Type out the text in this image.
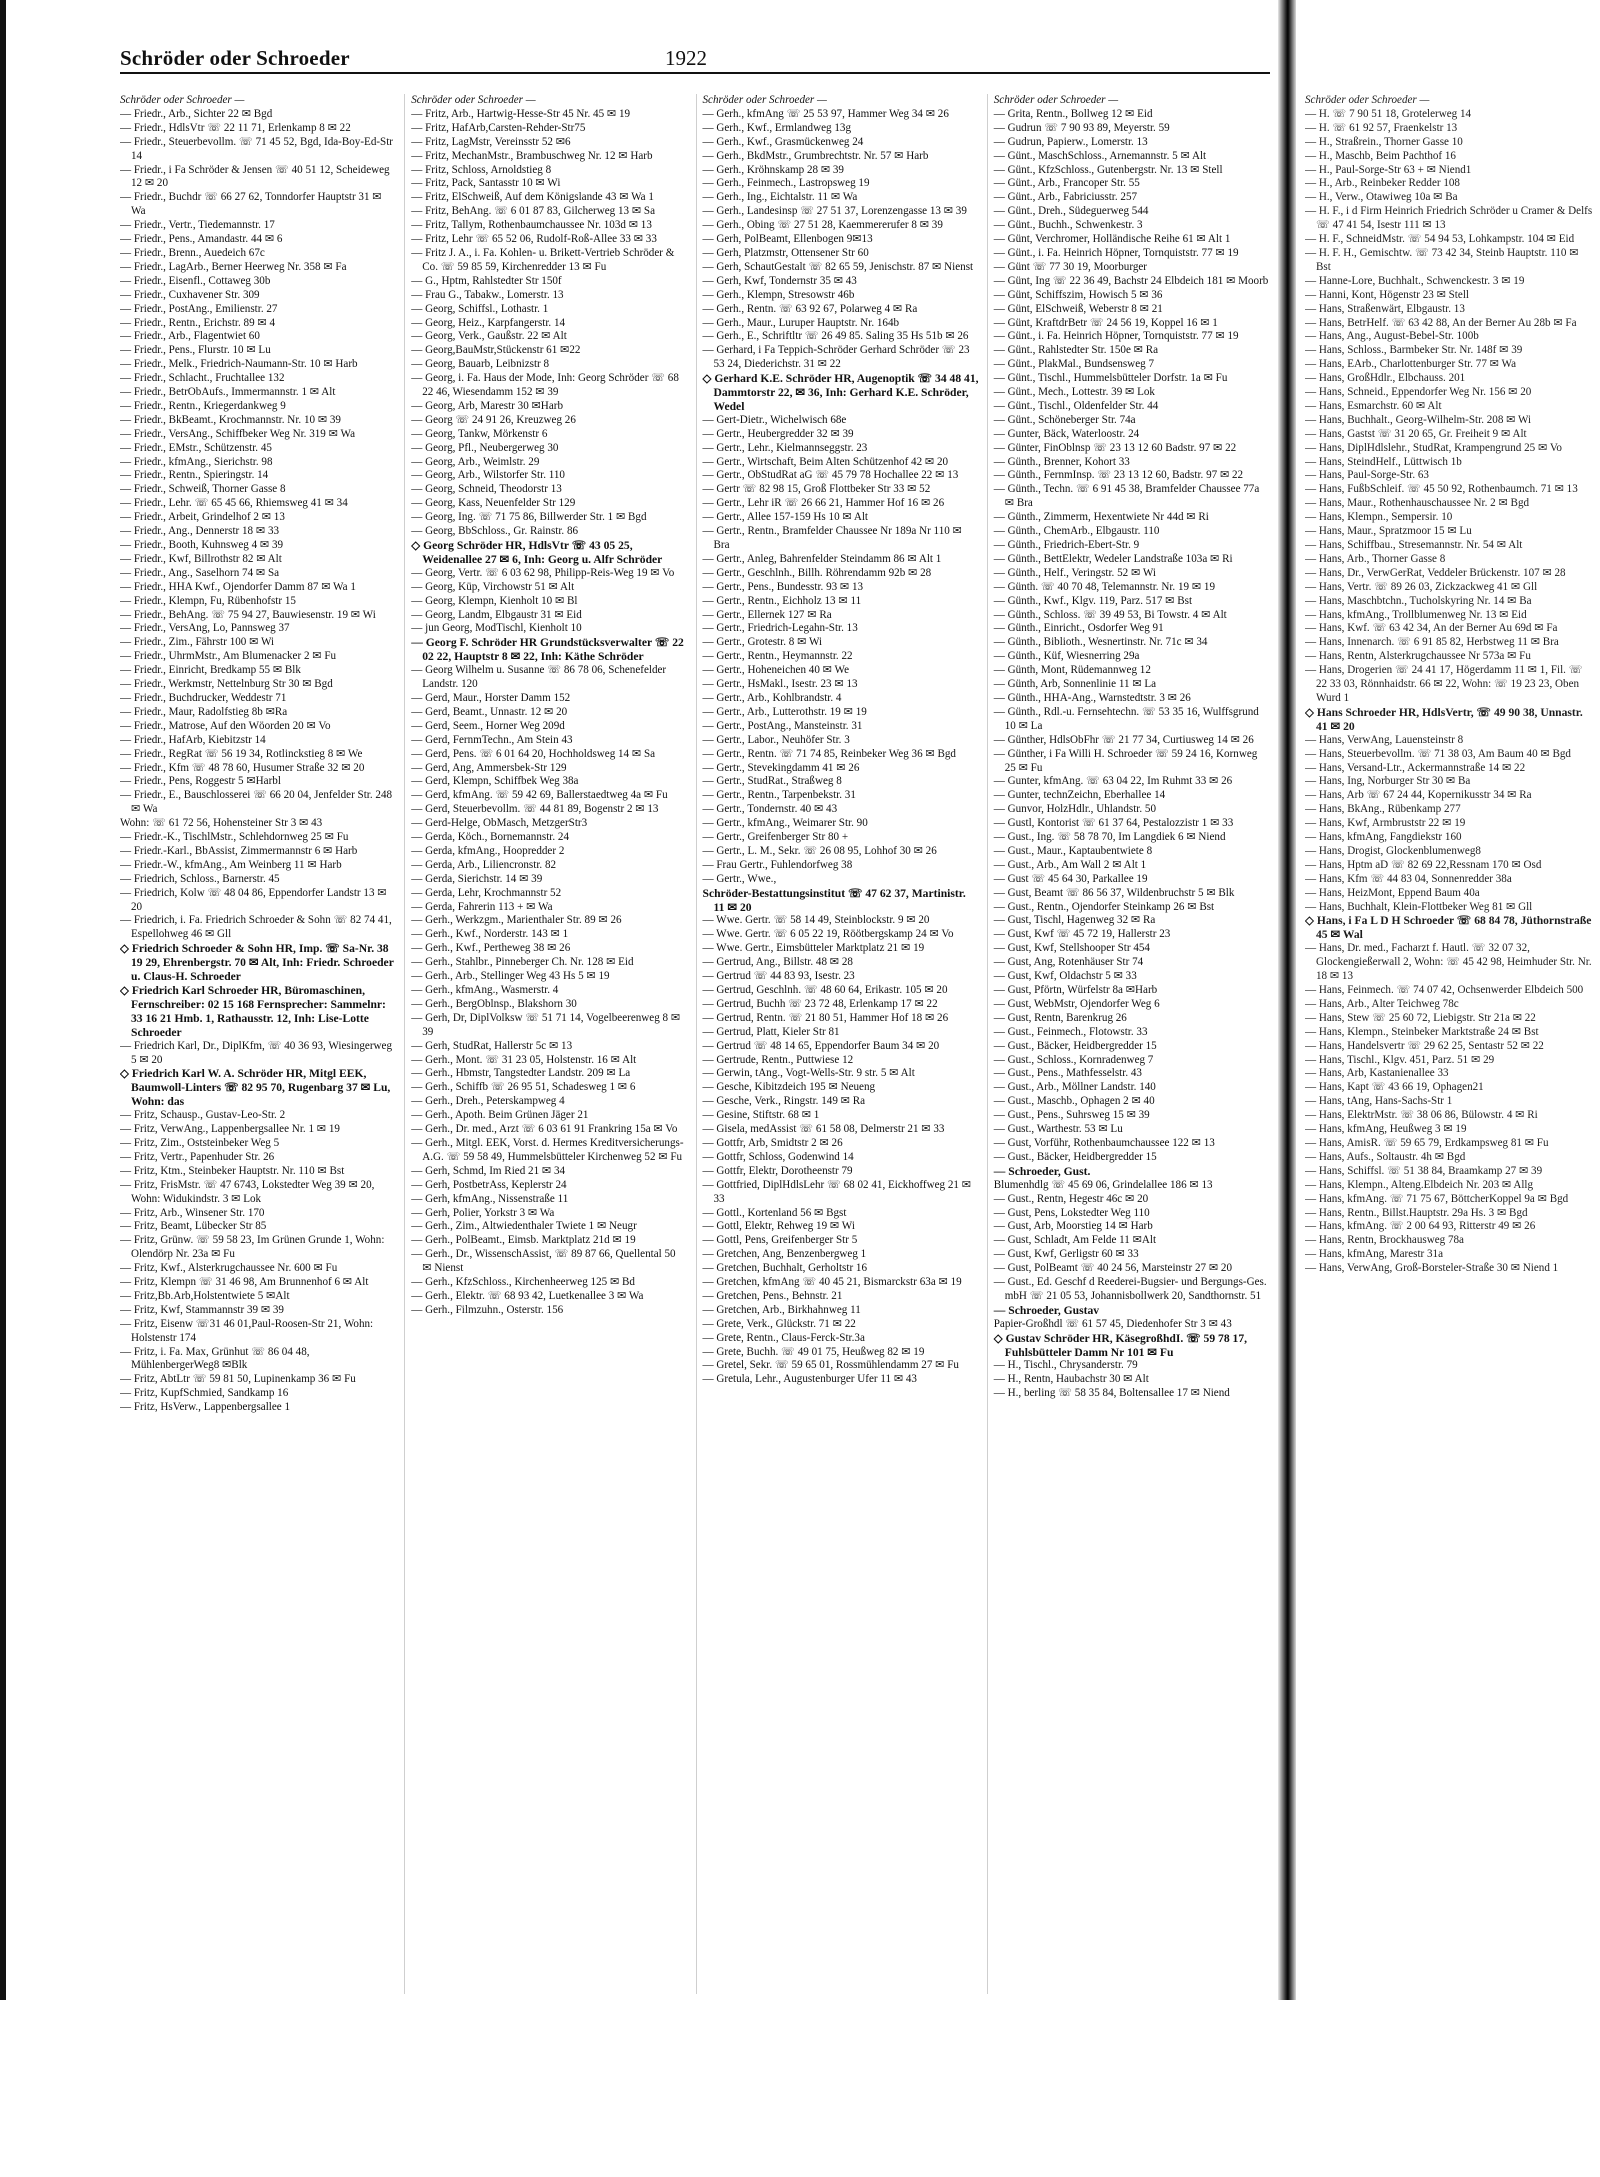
Schröder oder Schroeder	1922
Schröder oder Schroeder —
— Friedr., Arb., Sichter 22 ✉ Bgd
— Friedr., HdlsVtr ☏ 22 11 71, Erlenkamp 8 ✉ 22
— Friedr., Steuerbevollm. ☏ 71 45 52, Bgd, Ida-Boy-Ed-Str 14
— Friedr., i Fa Schröder & Jensen ☏ 40 51 12, Scheideweg 12 ✉ 20
— Friedr., Buchdr ☏ 66 27 62, Tonndorfer Hauptstr 31 ✉ Wa
— Friedr., Vertr., Tiedemannstr. 17
— Friedr., Pens., Amandastr. 44 ✉ 6
— Friedr., Brenn., Auedeich 67c
— Friedr., LagArb., Berner Heerweg Nr. 358 ✉ Fa
— Friedr., Eisenfl., Cottaweg 30b
— Friedr., Cuxhavener Str. 309
— Friedr., PostAng., Emilienstr. 27
— Friedr., Rentn., Erichstr. 89 ✉ 4
— Friedr., Arb., Flagentwiet 60
— Friedr., Pens., Flurstr. 10 ✉ Lu
— Friedr., Melk., Friedrich-Naumann-Str. 10 ✉ Harb
— Friedr., Schlacht., Fruchtallee 132
— Friedr., BetrObAufs., Immermannstr. 1 ✉ Alt
— Friedr., Rentn., Kriegerdankweg 9
— Friedr., BkBeamt., Krochmannstr. Nr. 10 ✉ 39
— Friedr., VersAng., Schiffbeker Weg Nr. 319 ✉ Wa
— Friedr., EMstr., Schützenstr. 45
— Friedr., kfmAng., Sierichstr. 98
— Friedr., Rentn., Spieringstr. 14
— Friedr., Schweiß, Thorner Gasse 8
— Friedr., Lehr. ☏ 65 45 66, Rhiemsweg 41 ✉ 34
— Friedr., Arbeit, Grindelhof 2 ✉ 13
— Friedr., Ang., Dennerstr 18 ✉ 33
— Friedr., Booth, Kuhnsweg 4 ✉ 39
— Friedr., Kwf, Billrothstr 82 ✉ Alt
— Friedr., Ang., Saselhorn 74 ✉ Sa
— Friedr., HHA Kwf., Ojendorfer Damm 87 ✉ Wa 1
— Friedr., Klempn, Fu, Rübenhofstr 15
— Friedr., BehAng. ☏ 75 94 27, Bauwiesenstr. 19 ✉ Wi
— Friedr., VersAng, Lo, Pannsweg 37
— Friedr., Zim., Fährstr 100 ✉ Wi
— Friedr., UhrmMstr., Am Blumenacker 2 ✉ Fu
— Friedr., Einricht, Bredkamp 55 ✉ Blk
— Friedr., Werkmstr, Nettelnburg Str 30 ✉ Bgd
— Friedr., Buchdrucker, Weddestr 71
— Friedr., Maur, Radolfstieg 8b ✉Ra
— Friedr., Matrose, Auf den Wöorden 20 ✉ Vo
— Friedr., HafArb, Kiebitzstr 14
— Friedr., RegRat ☏ 56 19 34, Rotlinckstieg 8 ✉ We
— Friedr., Kfm ☏ 48 78 60, Husumer Straße 32 ✉ 20
— Friedr., Pens, Roggestr 5 ✉Harbl
— Friedr., E., Bauschlosserei ☏ 66 20 04, Jenfelder Str. 248 ✉ Wa
Wohn: ☏ 61 72 56, Hohensteiner Str 3 ✉ 43
— Friedr.-K., TischlMstr., Schlehdornweg 25 ✉ Fu
— Friedr.-Karl., BbAssist, Zimmermannstr 6 ✉ Harb
— Friedr.-W., kfmAng., Am Weinberg 11 ✉ Harb
— Friedrich, Schloss., Barnerstr. 45
— Friedrich, Kolw ☏ 48 04 86, Eppendorfer Landstr 13 ✉ 20
— Friedrich, i. Fa. Friedrich Schroeder & Sohn ☏ 82 74 41, Espellohweg 46 ✉ Gll
◇ Friedrich Schroeder & Sohn HR, Imp. ☏ Sa-Nr. 38 19 29, Ehrenbergstr. 70 ✉ Alt, Inh: Friedr. Schroeder u. Claus-H. Schroeder
◇ Friedrich Karl Schroeder HR, Büromaschinen, Fernschreiber: 02 15 168 Fernsprecher: Sammelnr: 33 16 21 Hmb. 1, Rathausstr. 12, Inh: Lise-Lotte Schroeder
— Friedrich Karl, Dr., DiplKfm, ☏ 40 36 93, Wiesingerweg 5 ✉ 20
◇ Friedrich Karl W. A. Schröder HR, Mitgl EEK, Baumwoll-Linters ☏ 82 95 70, Rugenbarg 37 ✉ Lu, Wohn: das
— Fritz, Schausp., Gustav-Leo-Str. 2
— Fritz, VerwAng., Lappenbergsallee Nr. 1 ✉ 19
— Fritz, Zim., Oststeinbeker Weg 5
— Fritz, Vertr., Papenhuder Str. 26
— Fritz, Ktm., Steinbeker Hauptstr. Nr. 110 ✉ Bst
— Fritz, FrisMstr. ☏ 47 6743, Lokstedter Weg 39 ✉ 20, Wohn: Widukindstr. 3 ✉ Lok
— Fritz, Arb., Winsener Str. 170
— Fritz, Beamt, Lübecker Str 85
— Fritz, Grünw. ☏ 59 58 23, Im Grünen Grunde 1, Wohn: Olendörp Nr. 23a ✉ Fu
— Fritz, Kwf., Alsterkrugchaussee Nr. 600 ✉ Fu
— Fritz, Klempn ☏ 31 46 98, Am Brunnenhof 6 ✉ Alt
— Fritz,Bb.Arb,Holstentwiete 5 ✉Alt
— Fritz, Kwf, Stammannstr 39 ✉ 39
— Fritz, Eisenw ☏31 46 01,Paul-Roosen-Str 21, Wohn: Holstenstr 174
— Fritz, i. Fa. Max, Grünhut ☏ 86 04 48, MühlenbergerWeg8 ✉Blk
— Fritz, AbtLtr ☏ 59 81 50, Lupinenkamp 36 ✉ Fu
— Fritz, KupfSchmied, Sandkamp 16
— Fritz, HsVerw., Lappenbergsallee 1
Schröder oder Schroeder —
— Fritz, Arb., Hartwig-Hesse-Str 45 Nr. 45 ✉ 19
— Fritz, HafArb,Carsten-Rehder-Str75
— Fritz, LagMstr, Vereinsstr 52 ✉6
— Fritz, MechanMstr., Brambuschweg Nr. 12 ✉ Harb
— Fritz, Schloss, Arnoldstieg 8
— Fritz, Pack, Santasstr 10 ✉ Wi
— Fritz, ElSchweiß, Auf dem Königslande 43 ✉ Wa 1
— Fritz, BehAng. ☏ 6 01 87 83, Gilcherweg 13 ✉ Sa
— Fritz, Tallym, Rothenbaumchaussee Nr. 103d ✉ 13
— Fritz, Lehr ☏ 65 52 06, Rudolf-Roß-Allee 33 ✉ 33
— Fritz J. A., i. Fa. Kohlen- u. Brikett-Vertrieb Schröder & Co. ☏ 59 85 59, Kirchenredder 13 ✉ Fu
— G., Hptm, Rahlstedter Str 150f
— Frau G., Tabakw., Lomerstr. 13
— Georg, Schiffsl., Lothastr. 1
— Georg, Heiz., Karpfangerstr. 14
— Georg, Verk., Gaußstr. 22 ✉ Alt
— Georg,BauMstr,Stückenstr 61 ✉22
— Georg, Bauarb, Leibnizstr 8
— Georg, i. Fa. Haus der Mode, Inh: Georg Schröder ☏ 68 22 46, Wiesendamm 152 ✉ 39
— Georg, Arb, Marestr 30 ✉Harb
— Georg ☏ 24 91 26, Kreuzweg 26
— Georg, Tankw, Mörkenstr 6
— Georg, Pfl., Neubergerweg 30
— Georg, Arb., Weimlstr. 29
— Georg, Arb., Wilstorfer Str. 110
— Georg, Schneid, Theodorstr 13
— Georg, Kass, Neuenfelder Str 129
— Georg, Ing. ☏ 71 75 86, Billwerder Str. 1 ✉ Bgd
— Georg, BbSchloss., Gr. Rainstr. 86
◇ Georg Schröder HR, HdlsVtr ☏ 43 05 25, Weidenallee 27 ✉ 6, Inh: Georg u. Alfr Schröder
— Georg, Vertr. ☏ 6 03 62 98, Philipp-Reis-Weg 19 ✉ Vo
— Georg, Küp, Virchowstr 51 ✉ Alt
— Georg, Klempn, Kienholt 10 ✉ Bl
— Georg, Landm, Elbgaustr 31 ✉ Eid
— jun Georg, ModTischl, Kienholt 10
— Georg F. Schröder HR Grundstücksverwalter ☏ 22 02 22, Hauptstr 8 ✉ 22, Inh: Käthe Schröder
— Georg Wilhelm u. Susanne ☏ 86 78 06, Schenefelder Landstr. 120
— Gerd, Maur., Horster Damm 152
— Gerd, Beamt., Unnastr. 12 ✉ 20
— Gerd, Seem., Horner Weg 209d
— Gerd, FernmTechn., Am Stein 43
— Gerd, Pens. ☏ 6 01 64 20, Hochholdsweg 14 ✉ Sa
— Gerd, Ang, Ammersbek-Str 129
— Gerd, Klempn, Schiffbek Weg 38a
— Gerd, kfmAng. ☏ 59 42 69, Ballerstaedtweg 4a ✉ Fu
— Gerd, Steuerbevollm. ☏ 44 81 89, Bogenstr 2 ✉ 13
— Gerd-Helge, ObMasch, MetzgerStr3
— Gerda, Köch., Bornemannstr. 24
— Gerda, kfmAng., Hoopredder 2
— Gerda, Arb., Liliencronstr. 82
— Gerda, Sierichstr. 14 ✉ 39
— Gerda, Lehr, Krochmannstr 52
— Gerda, Fahrerin 113 + ✉ Wa
— Gerh., Werkzgm., Marienthaler Str. 89 ✉ 26
— Gerh., Kwf., Norderstr. 143 ✉ 1
— Gerh., Kwf., Pertheweg 38 ✉ 26
— Gerh., Stahlbr., Pinneberger Ch. Nr. 128 ✉ Eid
— Gerh., Arb., Stellinger Weg 43 Hs 5 ✉ 19
— Gerh., kfmAng., Wasmerstr. 4
— Gerh., BergOblnsp., Blakshorn 30
— Gerh, Dr, DiplVolksw ☏ 51 71 14, Vogelbeerenweg 8 ✉ 39
— Gerh, StudRat, Hallerstr 5c ✉ 13
— Gerh., Mont. ☏ 31 23 05, Holstenstr. 16 ✉ Alt
— Gerh., Hbmstr, Tangstedter Landstr. 209 ✉ La
— Gerh., Schiffb ☏ 26 95 51, Schadesweg 1 ✉ 6
— Gerh., Dreh., Peterskampweg 4
— Gerh., Apoth. Beim Grünen Jäger 21
— Gerh., Dr. med., Arzt ☏ 6 03 61 91 Frankring 15a ✉ Vo
— Gerh., Mitgl. EEK, Vorst. d. Hermes Kreditversicherungs-A.G. ☏ 59 58 49, Hummelsbütteler Kirchenweg 52 ✉ Fu
— Gerh, Schmd, Im Ried 21 ✉ 34
— Gerh, PostbetrAss, Keplerstr 24
— Gerh, kfmAng., Nissenstraße 11
— Gerh, Polier, Yorkstr 3 ✉ Wa
— Gerh., Zim., Altwiedenthaler Twiete 1 ✉ Neugr
— Gerh., PolBeamt., Eimsb. Marktplatz 21d ✉ 19
— Gerh., Dr., WissenschAssist, ☏ 89 87 66, Quellental 50 ✉ Nienst
— Gerh., KfzSchloss., Kirchenheerweg 125 ✉ Bd
— Gerh., Elektr. ☏ 68 93 42, Luetkenallee 3 ✉ Wa
— Gerh., Filmzuhn., Osterstr. 156
Schröder oder Schroeder —
— Gerh., kfmAng ☏ 25 53 97, Hammer Weg 34 ✉ 26
— Gerh., Kwf., Ermlandweg 13g
— Gerh., Kwf., Grasmückenweg 24
— Gerh., BkdMstr., Grumbrechtstr. Nr. 57 ✉ Harb
— Gerh., Kröhnskamp 28 ✉ 39
— Gerh., Feinmech., Lastropsweg 19
— Gerh., Ing., Eichtalstr. 11 ✉ Wa
— Gerh., Landesinsp ☏ 27 51 37, Lorenzengasse 13 ✉ 39
— Gerh., Obing ☏ 27 51 28, Kaemmererufer 8 ✉ 39
— Gerh, PolBeamt, Ellenbogen 9✉13
— Gerh, Platzmstr, Ottensener Str 60
— Gerh, SchautGestalt ☏ 82 65 59, Jenischstr. 87 ✉ Nienst
— Gerh, Kwf, Tondernstr 35 ✉ 43
— Gerh., Klempn, Stresowstr 46b
— Gerh., Rentn. ☏ 63 92 67, Polarweg 4 ✉ Ra
— Gerh., Maur., Luruper Hauptstr. Nr. 164b
— Gerh., E., Schriftltr ☏ 26 49 85. Saling 35 Hs 51b ✉ 26
— Gerhard, i Fa Teppich-Schröder Gerhard Schröder ☏ 23 53 24, Diederichstr. 31 ✉ 22
◇ Gerhard K.E. Schröder HR, Augenoptik ☏ 34 48 41, Dammtorstr 22, ✉ 36, Inh: Gerhard K.E. Schröder, Wedel
— Gert-Dietr., Wichelwisch 68e
— Gertr., Heubergredder 32 ✉ 39
— Gertr., Lehr., Kielmannseggstr. 23
— Gertr., Wirtschaft, Beim Alten Schützenhof 42 ✉ 20
— Gertr., ObStudRat aG ☏ 45 79 78 Hochallee 22 ✉ 13
— Gertr ☏ 82 98 15, Groß Flottbeker Str 33 ✉ 52
— Gertr., Lehr iR ☏ 26 66 21, Hammer Hof 16 ✉ 26
— Gertr., Allee 157-159 Hs 10 ✉ Alt
— Gertr., Rentn., Bramfelder Chaussee Nr 189a Nr 110 ✉ Bra
— Gertr., Anleg, Bahrenfelder Steindamm 86 ✉ Alt 1
— Gertr., Geschlnh., Billh. Röhrendamm 92b ✉ 28
— Gertr., Pens., Bundesstr. 93 ✉ 13
— Gertr., Rentn., Eichholz 13 ✉ 11
— Gertr., Ellernek 127 ✉ Ra
— Gertr., Friedrich-Legahn-Str. 13
— Gertr., Grotestr. 8 ✉ Wi
— Gertr., Rentn., Heymannstr. 22
— Gertr., Hoheneichen 40 ✉ We
— Gertr., HsMakl., Isestr. 23 ✉ 13
— Gertr., Arb., Kohlbrandstr. 4
— Gertr., Arb., Lutterothstr. 19 ✉ 19
— Gertr., PostAng., Mansteinstr. 31
— Gertr., Labor., Neuhöfer Str. 3
— Gertr., Rentn. ☏ 71 74 85, Reinbeker Weg 36 ✉ Bgd
— Gertr., Stevekingdamm 41 ✉ 26
— Gertr., StudRat., Straßweg 8
— Gertr., Rentn., Tarpenbekstr. 31
— Gertr., Tondernstr. 40 ✉ 43
— Gertr., kfmAng., Weimarer Str. 90
— Gertr., Greifenberger Str 80 +
— Gertr., L. M., Sekr. ☏ 26 08 95, Lohhof 30 ✉ 26
— Frau Gertr., Fuhlendorfweg 38
— Gertr., Wwe.,
Schröder-Bestattungsinstitut ☏ 47 62 37, Martinistr. 11 ✉ 20
— Wwe. Gertr. ☏ 58 14 49, Steinblockstr. 9 ✉ 20
— Wwe. Gertr. ☏ 6 05 22 19, Röötbergskamp 24 ✉ Vo
— Wwe. Gertr., Eimsbütteler Marktplatz 21 ✉ 19
— Gertrud, Ang., Billstr. 48 ✉ 28
— Gertrud ☏ 44 83 93, Isestr. 23
— Gertrud, Geschlnh. ☏ 48 60 64, Erikastr. 105 ✉ 20
— Gertrud, Buchh ☏ 23 72 48, Erlenkamp 17 ✉ 22
— Gertrud, Rentn. ☏ 21 80 51, Hammer Hof 18 ✉ 26
— Gertrud, Platt, Kieler Str 81
— Gertrud ☏ 48 14 65, Eppendorfer Baum 34 ✉ 20
— Gertrude, Rentn., Puttwiese 12
— Gerwin, tAng., Vogt-Wells-Str. 9 str. 5 ✉ Alt
— Gesche, Kibitzdeich 195 ✉ Neueng
— Gesche, Verk., Ringstr. 149 ✉ Ra
— Gesine, Stiftstr. 68 ✉ 1
— Gisela, medAssist ☏ 61 58 08, Delmerstr 21 ✉ 33
— Gottfr, Arb, Smidtstr 2 ✉ 26
— Gottfr, Schloss, Godenwind 14
— Gottfr, Elektr, Dorotheenstr 79
— Gottfried, DiplHdlsLehr ☏ 68 02 41, Eickhoffweg 21 ✉ 33
— Gottl., Kortenland 56 ✉ Bgst
— Gottl, Elektr, Rehweg 19 ✉ Wi
— Gottl, Pens, Greifenberger Str 5
— Gretchen, Ang, Benzenbergweg 1
— Gretchen, Buchhalt, Gerholtstr 16
— Gretchen, kfmAng ☏ 40 45 21, Bismarckstr 63a ✉ 19
— Gretchen, Pens., Behnstr. 21
— Gretchen, Arb., Birkhahnweg 11
— Grete, Verk., Glückstr. 71 ✉ 22
— Grete, Rentn., Claus-Ferck-Str.3a
— Grete, Buchh. ☏ 49 01 75, Heußweg 82 ✉ 19
— Gretel, Sekr. ☏ 59 65 01, Rossmühlendamm 27 ✉ Fu
— Gretula, Lehr., Augustenburger Ufer 11 ✉ 43
Schröder oder Schroeder —
— Grita, Rentn., Bollweg 12 ✉ Eid
— Gudrun ☏ 7 90 93 89, Meyerstr. 59
— Gudrun, Papierw., Lomerstr. 13
— Günt., MaschSchloss., Arnemannstr. 5 ✉ Alt
— Günt., KfzSchloss., Gutenbergstr. Nr. 13 ✉ Stell
— Günt., Arb., Francoper Str. 55
— Günt., Arb., Fabriciusstr. 257
— Günt., Dreh., Südeguerweg 544
— Günt., Buchh., Schwenkestr. 3
— Günt, Verchromer, Holländische Reihe 61 ✉ Alt 1
— Günt., i. Fa. Heinrich Höpner, Tornquiststr. 77 ✉ 19
— Günt ☏ 77 30 19, Moorburger
— Günt, Ing ☏ 22 36 49, Bachstr 24 Elbdeich 181 ✉ Moorb
— Günt, Schiffszim, Howisch 5 ✉ 36
— Günt, ElSchweiß, Weberstr 8 ✉ 21
— Günt, KraftdrBetr ☏ 24 56 19, Koppel 16 ✉ 1
— Günt., i. Fa. Heinrich Höpner, Tornquiststr. 77 ✉ 19
— Günt., Rahlstedter Str. 150e ✉ Ra
— Günt., PlakMal., Bundsensweg 7
— Günt., Tischl., Hummelsbütteler Dorfstr. 1a ✉ Fu
— Günt., Mech., Lottestr. 39 ✉ Lok
— Günt., Tischl., Oldenfelder Str. 44
— Günt., Schöneberger Str. 74a
— Gunter, Bäck, Waterloostr. 24
— Günter, FinOblnsp ☏ 23 13 12 60 Badstr. 97 ✉ 22
— Günth., Brenner, Kohort 33
— Günth., FernmInsp. ☏ 23 13 12 60, Badstr. 97 ✉ 22
— Günth., Techn. ☏ 6 91 45 38, Bramfelder Chaussee 77a ✉ Bra
— Günth., Zimmerm, Hexentwiete Nr 44d ✉ Ri
— Günth., ChemArb., Elbgaustr. 110
— Günth., Friedrich-Ebert-Str. 9
— Günth., BettElektr, Wedeler Landstraße 103a ✉ Ri
— Günth., Helf., Veringstr. 52 ✉ Wi
— Günth. ☏ 40 70 48, Telemannstr. Nr. 19 ✉ 19
— Günth., Kwf., Klgv. 119, Parz. 517 ✉ Bst
— Günth., Schloss. ☏ 39 49 53, Bi Towstr. 4 ✉ Alt
— Günth., Einricht., Osdorfer Weg 91
— Günth., Biblioth., Wesnertinstr. Nr. 71c ✉ 34
— Günth., Küf, Wiesnerring 29a
— Günth, Mont, Rüdemannweg 12
— Günth, Arb, Sonnenlinie 11 ✉ La
— Günth., HHA-Ang., Warnstedtstr. 3 ✉ 26
— Günth., Rdl.-u. Fernsehtechn. ☏ 53 35 16, Wulffsgrund 10 ✉ La
— Günther, HdlsObFhr ☏ 21 77 34, Curtiusweg 14 ✉ 26
— Günther, i Fa Willi H. Schroeder ☏ 59 24 16, Kornweg 25 ✉ Fu
— Gunter, kfmAng. ☏ 63 04 22, Im Ruhmt 33 ✉ 26
— Gunter, technZeichn, Eberhallee 14
— Gunvor, HolzHdlr., Uhlandstr. 50
— Gustl, Kontorist ☏ 61 37 64, Pestalozzistr 1 ✉ 33
— Gust., Ing. ☏ 58 78 70, Im Langdiek 6 ✉ Niend
— Gust., Maur., Kaptaubentwiete 8
— Gust., Arb., Am Wall 2 ✉ Alt 1
— Gust ☏ 45 64 30, Parkallee 19
— Gust, Beamt ☏ 86 56 37, Wildenbruchstr 5 ✉ Blk
— Gust., Rentn., Ojendorfer Steinkamp 26 ✉ Bst
— Gust, Tischl, Hagenweg 32 ✉ Ra
— Gust, Kwf ☏ 45 72 19, Hallerstr 23
— Gust, Kwf, Stellshooper Str 454
— Gust, Ang, Rotenhäuser Str 74
— Gust, Kwf, Oldachstr 5 ✉ 33
— Gust, Pförtn, Würfelstr 8a ✉Harb
— Gust, WebMstr, Ojendorfer Weg 6
— Gust, Rentn, Barenkrug 26
— Gust., Feinmech., Flotowstr. 33
— Gust., Bäcker, Heidbergredder 15
— Gust., Schloss., Kornradenweg 7
— Gust., Pens., Mathfesselstr. 43
— Gust., Arb., Möllner Landstr. 140
— Gust., Maschb., Ophagen 2 ✉ 40
— Gust., Pens., Suhrsweg 15 ✉ 39
— Gust., Warthestr. 53 ✉ Lu
— Gust, Vorführ, Rothenbaumchaussee 122 ✉ 13
— Gust., Bäcker, Heidbergredder 15
— Schroeder, Gust.
Blumenhdlg ☏ 45 69 06, Grindelallee 186 ✉ 13
— Gust., Rentn, Hegestr 46c ✉ 20
— Gust, Pens, Lokstedter Weg 110
— Gust, Arb, Moorstieg 14 ✉ Harb
— Gust, Schladt, Am Felde 11 ✉Alt
— Gust, Kwf, Gerligstr 60 ✉ 33
— Gust, PolBeamt ☏ 40 24 56, Marsteinstr 27 ✉ 20
— Gust., Ed. Geschf d Reederei-Bugsier- und Bergungs-Ges. mbH ☏ 21 05 53, Johannisbollwerk 20, Sandthornstr. 51
— Schroeder, Gustav
Papier-Großhdl ☏ 61 57 45, Diedenhofer Str 3 ✉ 43
◇ Gustav Schröder HR, KäsegroßhdI. ☏ 59 78 17, Fuhlsbütteler Damm Nr 101 ✉ Fu
— H., Tischl., Chrysanderstr. 79
— H., Rentn, Haubachstr 30 ✉ Alt
— H., berling ☏ 58 35 84, Boltensallee 17 ✉ Niend
Schröder oder Schroeder —
— H. ☏ 7 90 51 18, Grotelerweg 14
— H. ☏ 61 92 57, Fraenkelstr 13
— H., Straßrein., Thorner Gasse 10
— H., Maschb, Beim Pachthof 16
— H., Paul-Sorge-Str 63 + ✉ Niend1
— H., Arb., Reinbeker Redder 108
— H., Verw., Otawiweg 10a ✉ Ba
— H. F., i d Firm Heinrich Friedrich Schröder u Cramer & Delfs ☏ 47 41 54, Isestr 111 ✉ 13
— H. F., SchneidMstr. ☏ 54 94 53, Lohkampstr. 104 ✉ Eid
— H. F. H., Gemischtw. ☏ 73 42 34, Steinb Hauptstr. 110 ✉ Bst
— Hanne-Lore, Buchhalt., Schwenckestr. 3 ✉ 19
— Hanni, Kont, Högenstr 23 ✉ Stell
— Hans, Straßenwärt, Elbgaustr. 13
— Hans, BetrHelf. ☏ 63 42 88, An der Berner Au 28b ✉ Fa
— Hans, Ang., August-Bebel-Str. 100b
— Hans, Schloss., Barmbeker Str. Nr. 148f ✉ 39
— Hans, EArb., Charlottenburger Str. 77 ✉ Wa
— Hans, GroßHdlr., Elbchauss. 201
— Hans, Schneid., Eppendorfer Weg Nr. 156 ✉ 20
— Hans, Esmarchstr. 60 ✉ Alt
— Hans, Buchhalt., Georg-Wilhelm-Str. 208 ✉ Wi
— Hans, Gastst ☏ 31 20 65, Gr. Freiheit 9 ✉ Alt
— Hans, DiplHdlslehr., StudRat, Krampengrund 25 ✉ Vo
— Hans, SteindHelf., Lüttwisch 1b
— Hans, Paul-Sorge-Str. 63
— Hans, FußbSchleif. ☏ 45 50 92, Rothenbaumch. 71 ✉ 13
— Hans, Maur., Rothenhauschaussee Nr. 2 ✉ Bgd
— Hans, Klempn., Sempersir. 10
— Hans, Maur., Spratzmoor 15 ✉ Lu
— Hans, Schiffbau., Stresemannstr. Nr. 54 ✉ Alt
— Hans, Arb., Thorner Gasse 8
— Hans, Dr., VerwGerRat, Veddeler Brückenstr. 107 ✉ 28
— Hans, Vertr. ☏ 89 26 03, Zickzackweg 41 ✉ Gll
— Hans, Maschbtchn., Tucholskyring Nr. 14 ✉ Ba
— Hans, kfmAng., Trollblumenweg Nr. 13 ✉ Eid
— Hans, Kwf. ☏ 63 42 34, An der Berner Au 69d ✉ Fa
— Hans, Innenarch. ☏ 6 91 85 82, Herbstweg 11 ✉ Bra
— Hans, Rentn, Alsterkrugchaussee Nr 573a ✉ Fu
— Hans, Drogerien ☏ 24 41 17, Högerdamm 11 ✉ 1, Fil. ☏ 22 33 03, Rönnhaidstr. 66 ✉ 22, Wohn: ☏ 19 23 23, Oben Wurd 1
◇ Hans Schroeder HR, HdlsVertr, ☏ 49 90 38, Unnastr. 41 ✉ 20
— Hans, VerwAng, Lauensteinstr 8
— Hans, Steuerbevollm. ☏ 71 38 03, Am Baum 40 ✉ Bgd
— Hans, Versand-Ltr., Ackermannstraße 14 ✉ 22
— Hans, Ing, Norburger Str 30 ✉ Ba
— Hans, Arb ☏ 67 24 44, Kopernikusstr 34 ✉ Ra
— Hans, BkAng., Rübenkamp 277
— Hans, Kwf, Armbruststr 22 ✉ 19
— Hans, kfmAng, Fangdiekstr 160
— Hans, Drogist, Glockenblumenweg8
— Hans, Hptm aD ☏ 82 69 22,Ressnam 170 ✉ Osd
— Hans, Kfm ☏ 44 83 04, Sonnenredder 38a
— Hans, HeizMont, Eppend Baum 40a
— Hans, Buchhalt, Klein-Flottbeker Weg 81 ✉ Gll
◇ Hans, i Fa L D H Schroeder ☏ 68 84 78, Jüthornstraße 45 ✉ Wal
— Hans, Dr. med., Facharzt f. Hautl. ☏ 32 07 32, Glockengießerwall 2, Wohn: ☏ 45 42 98, Heimhuder Str. Nr. 18 ✉ 13
— Hans, Feinmech. ☏ 74 07 42, Ochsenwerder Elbdeich 500
— Hans, Arb., Alter Teichweg 78c
— Hans, Stew ☏ 25 60 72, Liebigstr. Str 21a ✉ 22
— Hans, Klempn., Steinbeker Marktstraße 24 ✉ Bst
— Hans, Handelsvertr ☏ 29 62 25, Sentastr 52 ✉ 22
— Hans, Tischl., Klgv. 451, Parz. 51 ✉ 29
— Hans, Arb, Kastanienallee 33
— Hans, Kapt ☏ 43 66 19, Ophagen21
— Hans, tAng, Hans-Sachs-Str 1
— Hans, ElektrMstr. ☏ 38 06 86, Bülowstr. 4 ✉ Ri
— Hans, kfmAng, Heußweg 3 ✉ 19
— Hans, AmisR. ☏ 59 65 79, Erdkampsweg 81 ✉ Fu
— Hans, Aufs., Soltaustr. 4h ✉ Bgd
— Hans, Schiffsl. ☏ 51 38 84, Braamkamp 27 ✉ 39
— Hans, Klempn., Alteng.Elbdeich Nr. 203 ✉ Allg
— Hans, kfmAng. ☏ 71 75 67, BöttcherKoppel 9a ✉ Bgd
— Hans, Rentn., Billst.Hauptstr. 29a Hs. 3 ✉ Bgd
— Hans, kfmAng. ☏ 2 00 64 93, Ritterstr 49 ✉ 26
— Hans, Rentn, Brockhausweg 78a
— Hans, kfmAng, Marestr 31a
— Hans, VerwAng, Groß-Borsteler-Straße 30 ✉ Niend 1
